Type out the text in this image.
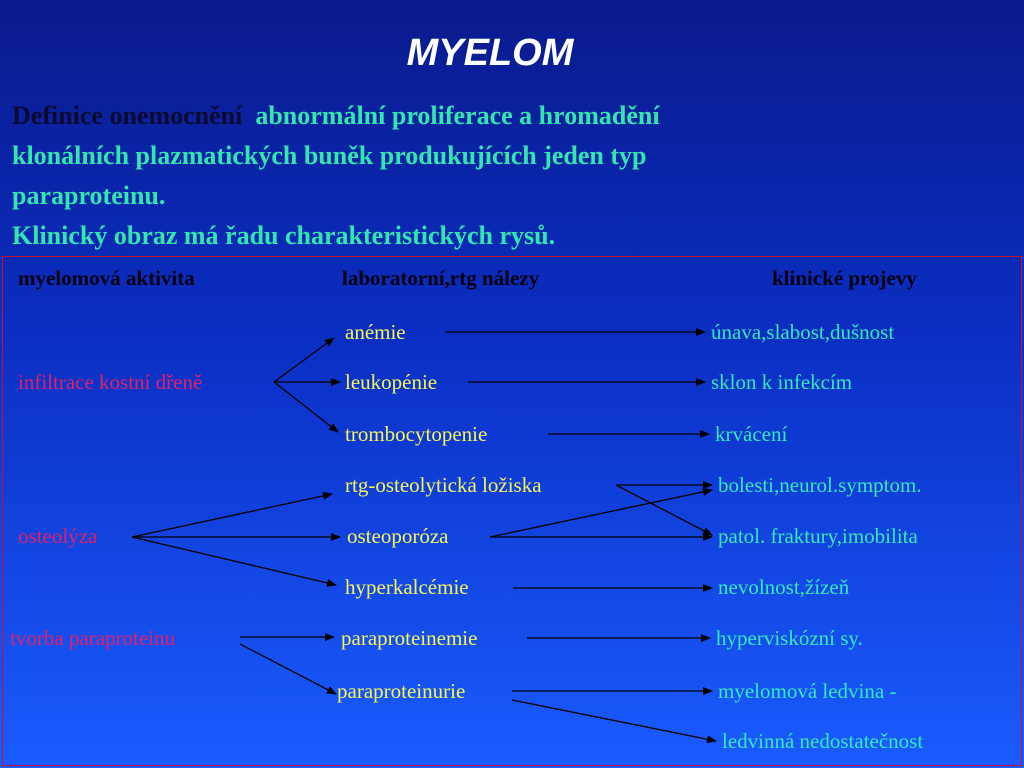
MYELOM
Definice onemocnění abnormální proliferace a hromadění
klonálních plazmatických buněk produkujících jeden typ
paraproteinu.
Klinický obraz má řadu charakteristických rysů.
myelomová aktivita	laboratorní,rtg nálezy	klinické projevy
infiltrace kostní dřeně
osteolýza
tvorba paraproteinu
anémie
leukopénie
trombocytopenie
rtg-osteolytická ložiska
osteoporóza
hyperkalcémie
paraproteinemie
paraproteinurie
únava,slabost,dušnost
sklon k infekcím
krvácení
bolesti,neurol.symptom.
patol. fraktury,imobilita
nevolnost,žízeň
hyperviskózní sy.
myelomová ledvina -
ledvinná nedostatečnost
